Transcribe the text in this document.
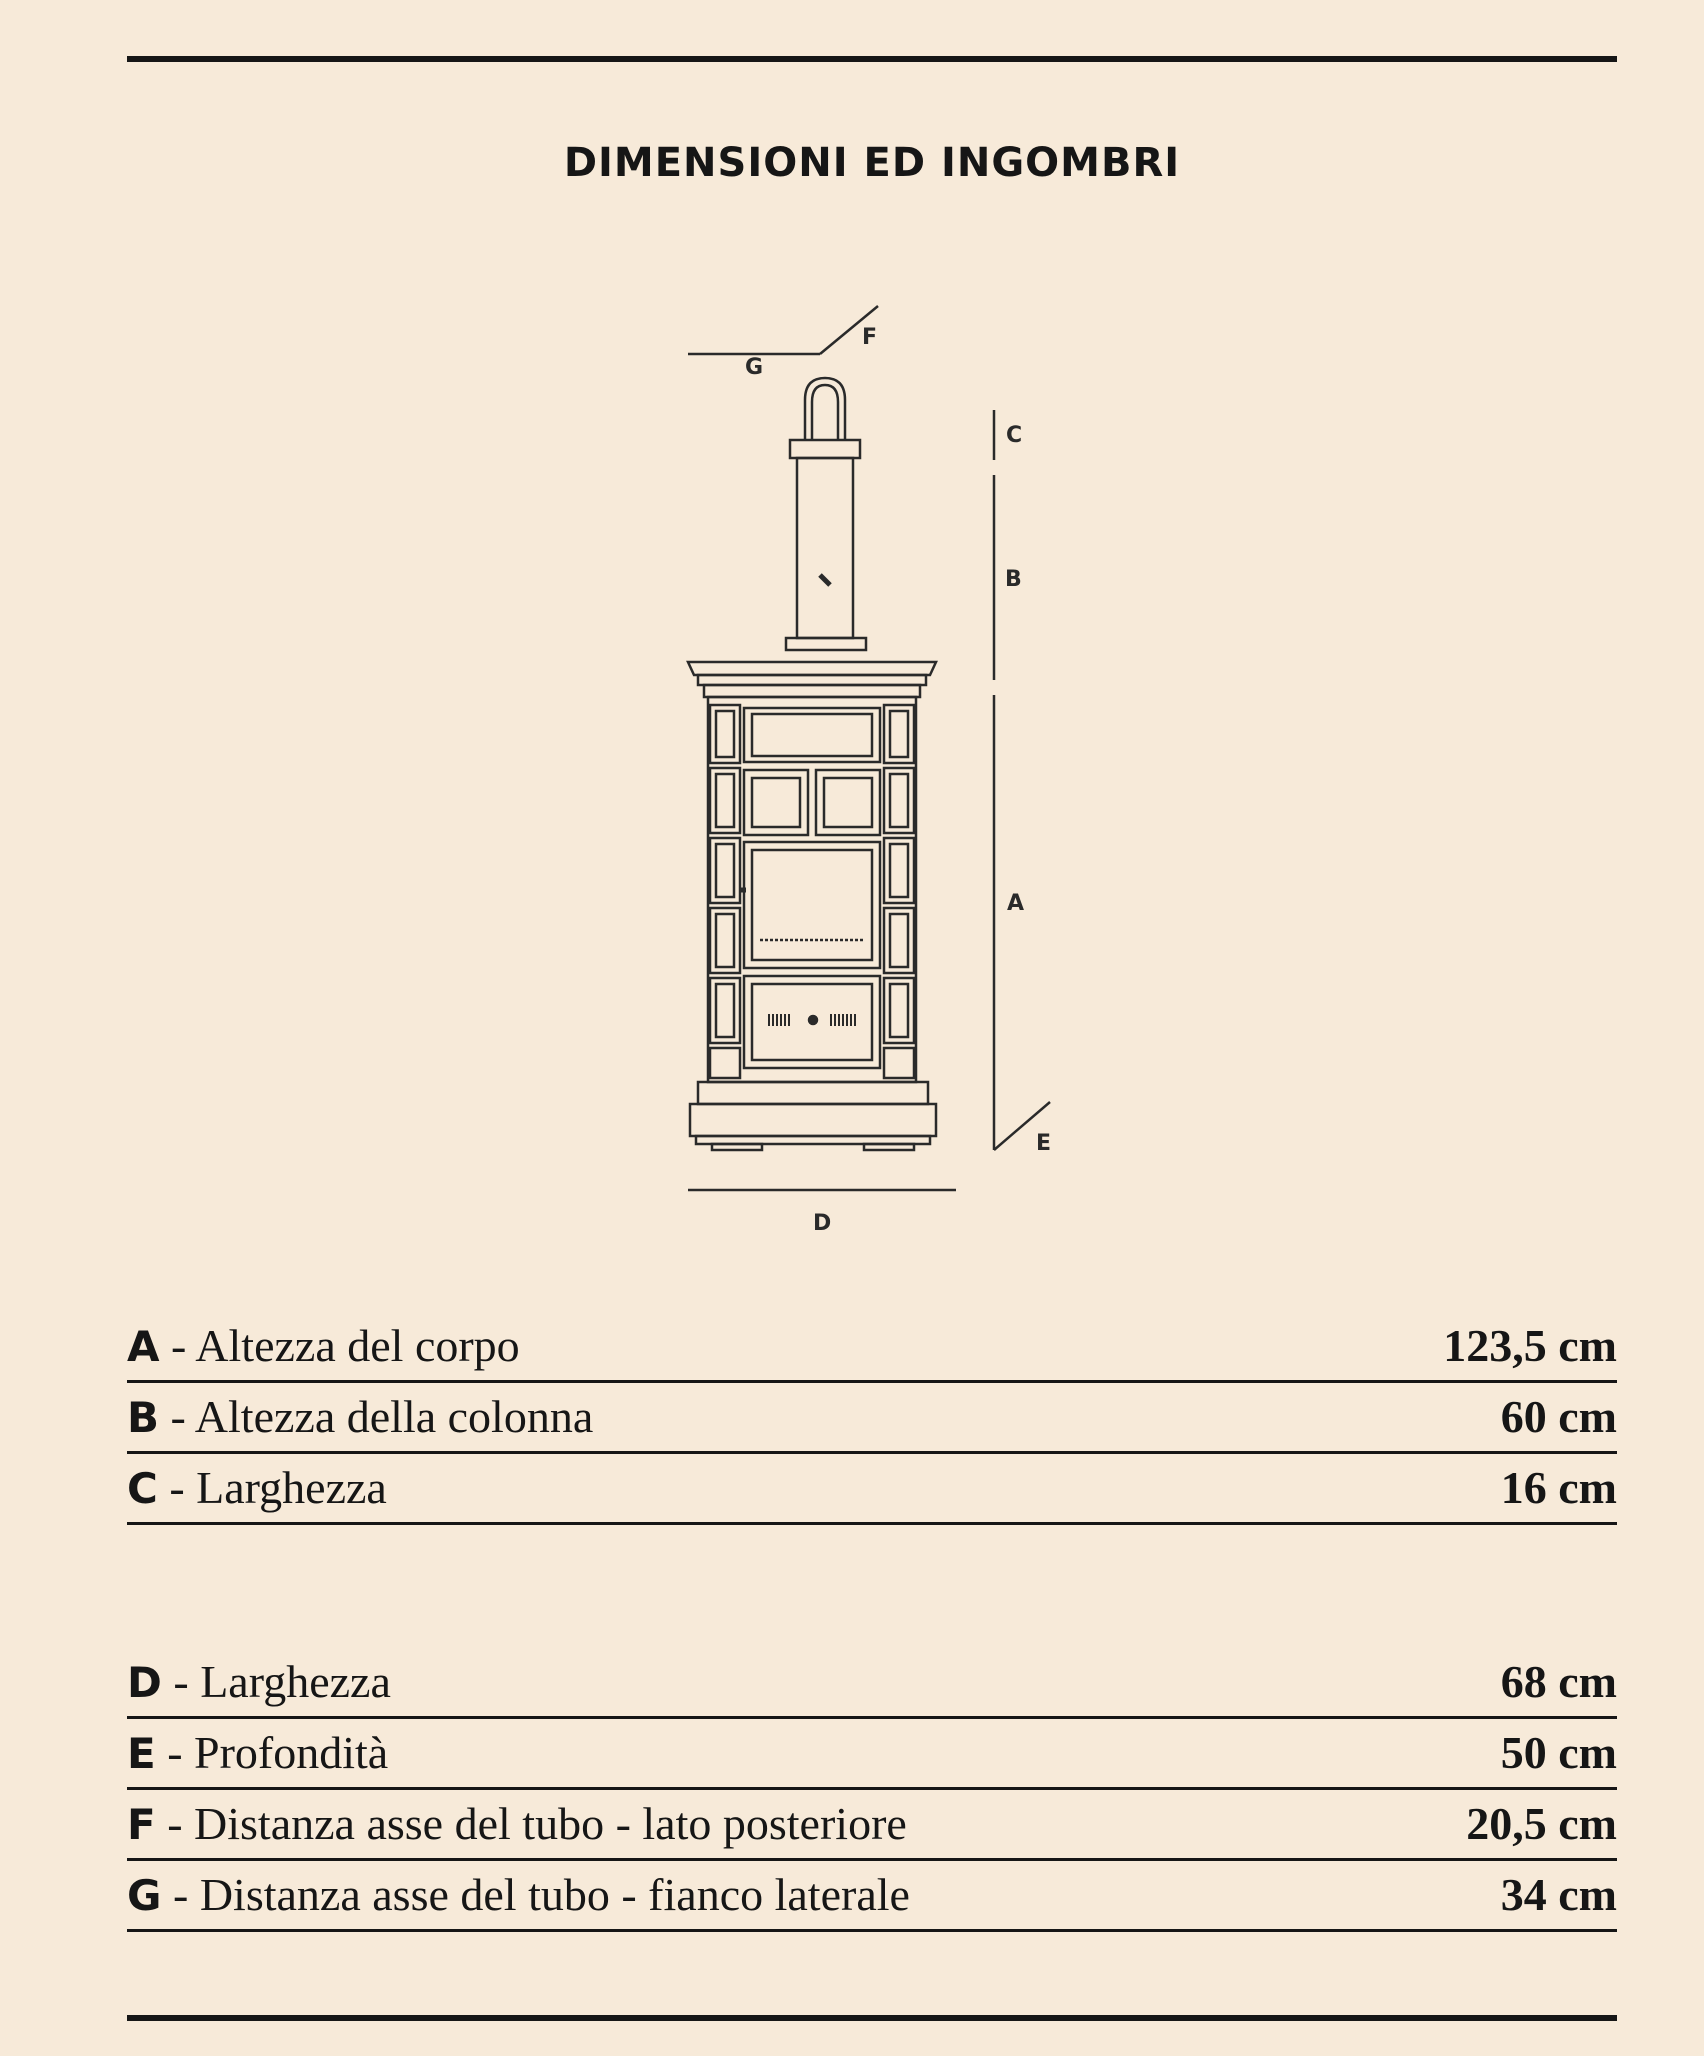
DIMENSIONI ED INGOMBRI
G
F
C
B
A
E
D
A - Altezza del corpo	123,5 cm
B - Altezza della colonna	60 cm
C - Larghezza	16 cm
D - Larghezza	68 cm
E - Profondità	50 cm
F - Distanza asse del tubo - lato posteriore	20,5 cm
G - Distanza asse del tubo - fianco laterale	34 cm
